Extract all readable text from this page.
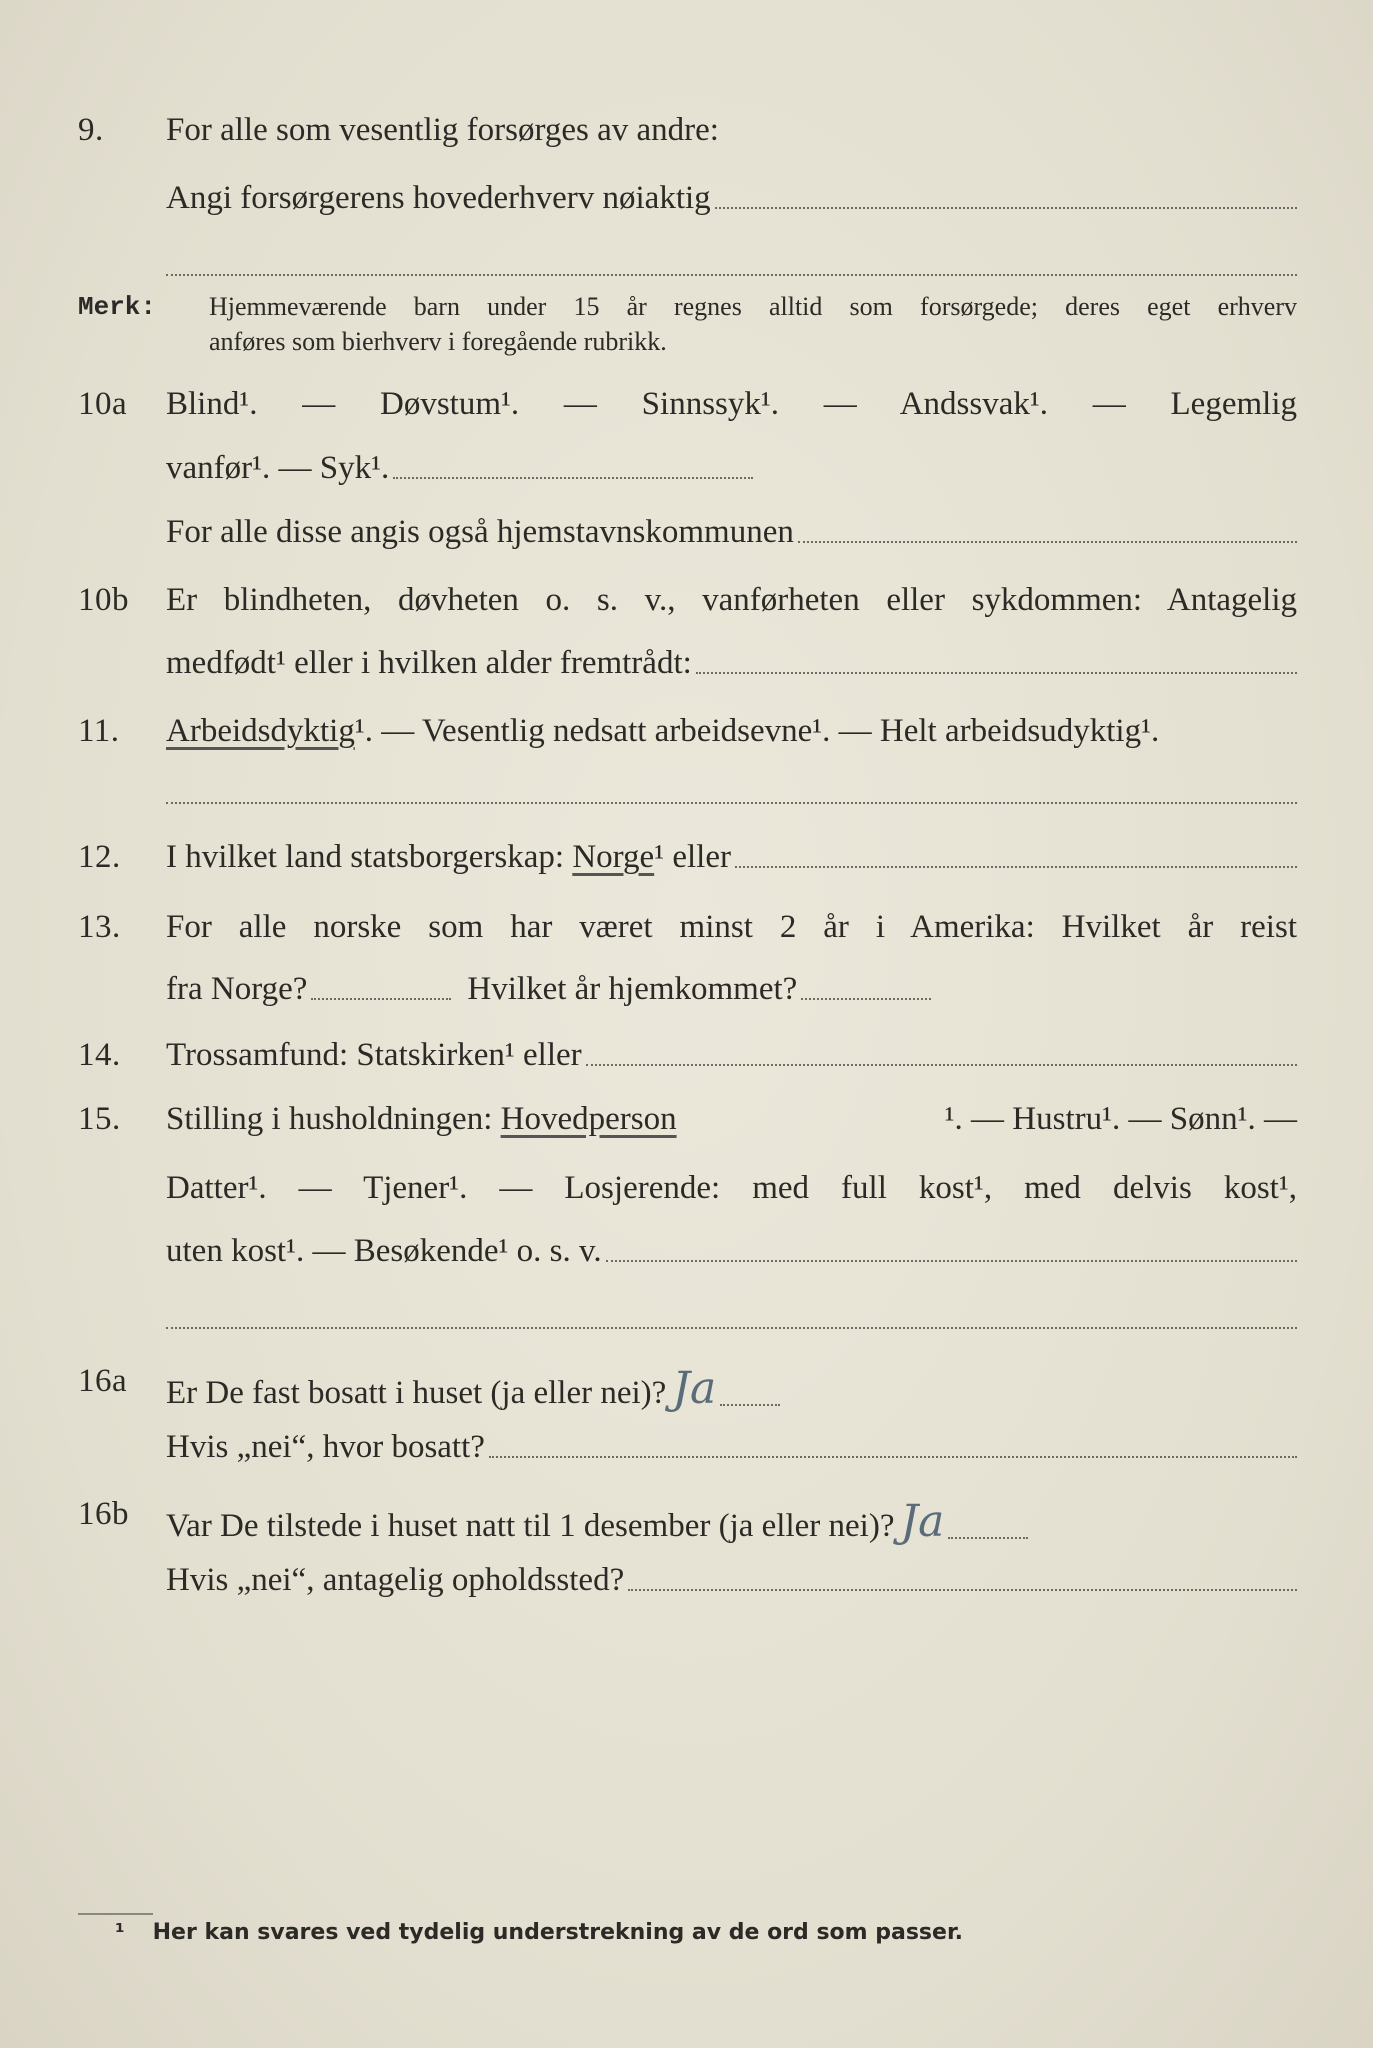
9. For alle som vesentlig forsørges av andre:
Angi forsørgerens hovederhverv nøiaktig
Merk: Hjemmeværende barn under 15 år regnes alltid som forsørgede; deres eget erhverv
anføres som bierhverv i foregående rubrikk.
10a Blind¹. — Døvstum¹. — Sinnssyk¹. — Andssvak¹. — Legemlig
vanfør¹. — Syk¹.
For alle disse angis også hjemstavnskommunen
10b Er blindheten, døvheten o. s. v., vanførheten eller sykdommen: Antagelig
medfødt¹ eller i hvilken alder fremtrådt:
11. Arbeidsdyktig¹. — Vesentlig nedsatt arbeidsevne¹. — Helt arbeidsudyktig¹.
12. I hvilket land statsborgerskap: Norge ¹ eller
13. For alle norske som har været minst 2 år i Amerika: Hvilket år reist
fra Norge?	Hvilket år hjemkommet?
14. Trossamfund: Statskirken¹ eller
15. Stilling i husholdningen: Hovedperson	¹. — Hustru¹. — Sønn¹. —
Datter¹. — Tjener¹. — Losjerende: med full kost¹, med delvis kost¹,
uten kost¹. — Besøkende¹ o. s. v.
16a Er De fast bosatt i huset (ja eller nei)? Ja
Hvis „nei“, hvor bosatt?
16b Var De tilstede i huset natt til 1 desember (ja eller nei)? Ja
Hvis „nei“, antagelig opholdssted?
¹ Her kan svares ved tydelig understrekning av de ord som passer.
